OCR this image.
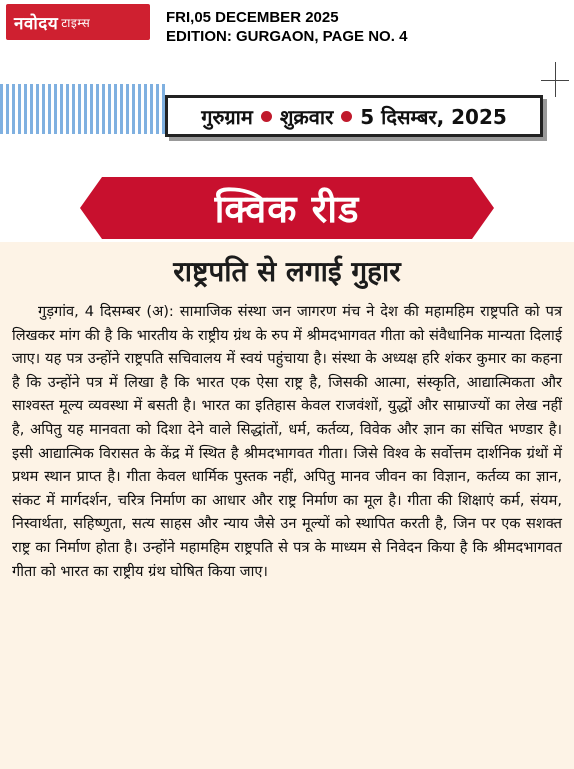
नवोदय टाइम्स	FRI,05 DECEMBER 2025
EDITION: GURGAON, PAGE NO. 4
गुरुग्राम शुक्रवार 5 दिसम्बर, 2025
क्विक रीड
राष्ट्रपति से लगाई गुहार
गुड़गांव, 4 दिसम्बर (अ): सामाजिक संस्था जन जागरण मंच ने देश की महामहिम राष्ट्रपति को पत्र लिखकर मांग की है कि भारतीय के राष्ट्रीय ग्रंथ के रुप में श्रीमदभागवत गीता को संवैधानिक मान्यता दिलाई जाए। यह पत्र उन्होंने राष्ट्रपति सचिवालय में स्वयं पहुंचाया है। संस्था के अध्यक्ष हरि शंकर कुमार का कहना है कि उन्होंने पत्र में लिखा है कि भारत एक ऐसा राष्ट्र है, जिसकी आत्मा, संस्कृति, आद्यात्मिकता और साश्वस्त मूल्य व्यवस्था में बसती है। भारत का इतिहास केवल राजवंशों, युद्धों और साम्राज्यों का लेख नहीं है, अपितु यह मानवता को दिशा देने वाले सिद्धांतों, धर्म, कर्तव्य, विवेक और ज्ञान का संचित भण्डार है। इसी आद्यात्मिक विरासत के केंद्र में स्थित है श्रीमदभागवत गीता। जिसे विश्व के सर्वोत्तम दार्शनिक ग्रंथों में प्रथम स्थान प्राप्त है। गीता केवल धार्मिक पुस्तक नहीं, अपितु मानव जीवन का विज्ञान, कर्तव्य का ज्ञान, संकट में मार्गदर्शन, चरित्र निर्माण का आधार और राष्ट्र निर्माण का मूल है। गीता की शिक्षाएं कर्म, संयम, निस्वार्थता, सहिष्णुता, सत्य साहस और न्याय जैसे उन मूल्यों को स्थापित करती है, जिन पर एक सशक्त राष्ट्र का निर्माण होता है। उन्होंने महामहिम राष्ट्रपति से पत्र के माध्यम से निवेदन किया है कि श्रीमदभागवत गीता को भारत का राष्ट्रीय ग्रंथ घोषित किया जाए।
